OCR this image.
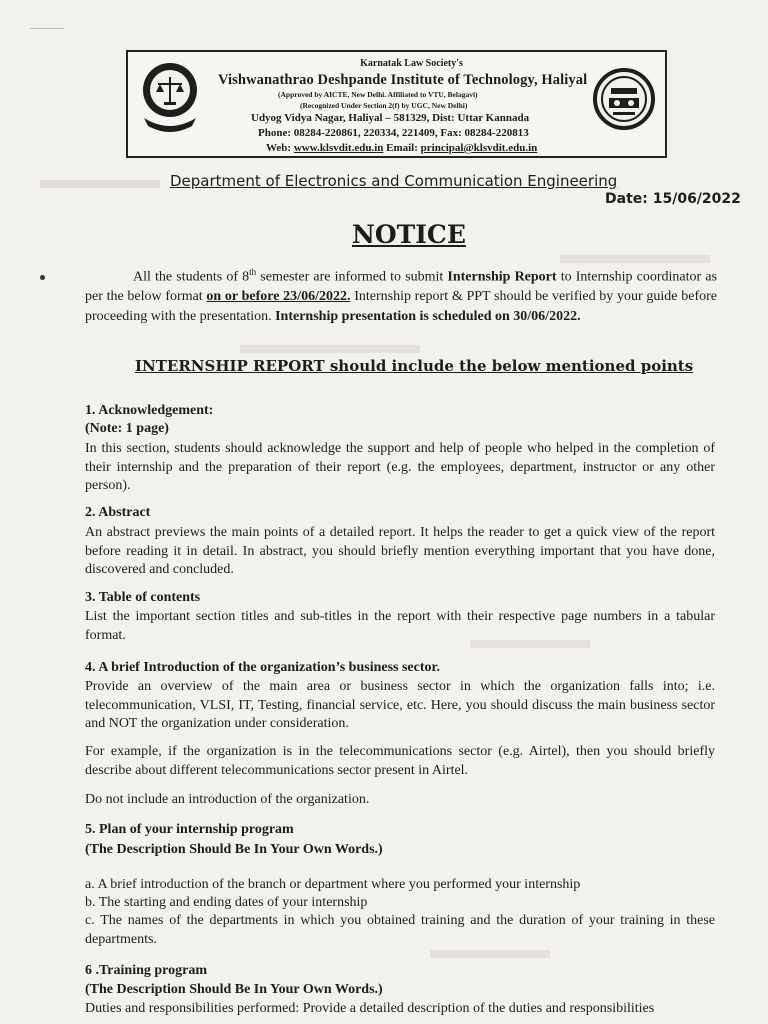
Karnatak Law Society's
Vishwanathrao Deshpande Institute of Technology, Haliyal
(Approved by AICTE, New Delhi. Affiliated to VTU, Belagavi)
(Recognized Under Section 2(f) by UGC, New Delhi)
Udyog Vidya Nagar, Haliyal – 581329, Dist: Uttar Kannada
Phone: 08284-220861, 220334, 221409, Fax: 08284-220813
Web: www.klsvdit.edu.in Email: principal@klsvdit.edu.in
Department of Electronics and Communication Engineering
Date: 15/06/2022
NOTICE
All the students of 8th semester are informed to submit Internship Report to Internship coordinator as per the below format on or before 23/06/2022. Internship report & PPT should be verified by your guide before proceeding with the presentation. Internship presentation is scheduled on 30/06/2022.
INTERNSHIP REPORT should include the below mentioned points
1. Acknowledgement:
(Note: 1 page)
In this section, students should acknowledge the support and help of people who helped in the completion of their internship and the preparation of their report (e.g. the employees, department, instructor or any other person).
2. Abstract
An abstract previews the main points of a detailed report. It helps the reader to get a quick view of the report before reading it in detail. In abstract, you should briefly mention everything important that you have done, discovered and concluded.
3. Table of contents
List the important section titles and sub-titles in the report with their respective page numbers in a tabular format.
4. A brief Introduction of the organization’s business sector.
Provide an overview of the main area or business sector in which the organization falls into; i.e. telecommunication, VLSI, IT, Testing, financial service, etc. Here, you should discuss the main business sector and NOT the organization under consideration.
For example, if the organization is in the telecommunications sector (e.g. Airtel), then you should briefly describe about different telecommunications sector present in Airtel.
Do not include an introduction of the organization.
5. Plan of your internship program
(The Description Should Be In Your Own Words.)
a. A brief introduction of the branch or department where you performed your internship
b. The starting and ending dates of your internship
c. The names of the departments in which you obtained training and the duration of your training in these departments.
6 .Training program
(The Description Should Be In Your Own Words.)
Duties and responsibilities performed: Provide a detailed description of the duties and responsibilities
